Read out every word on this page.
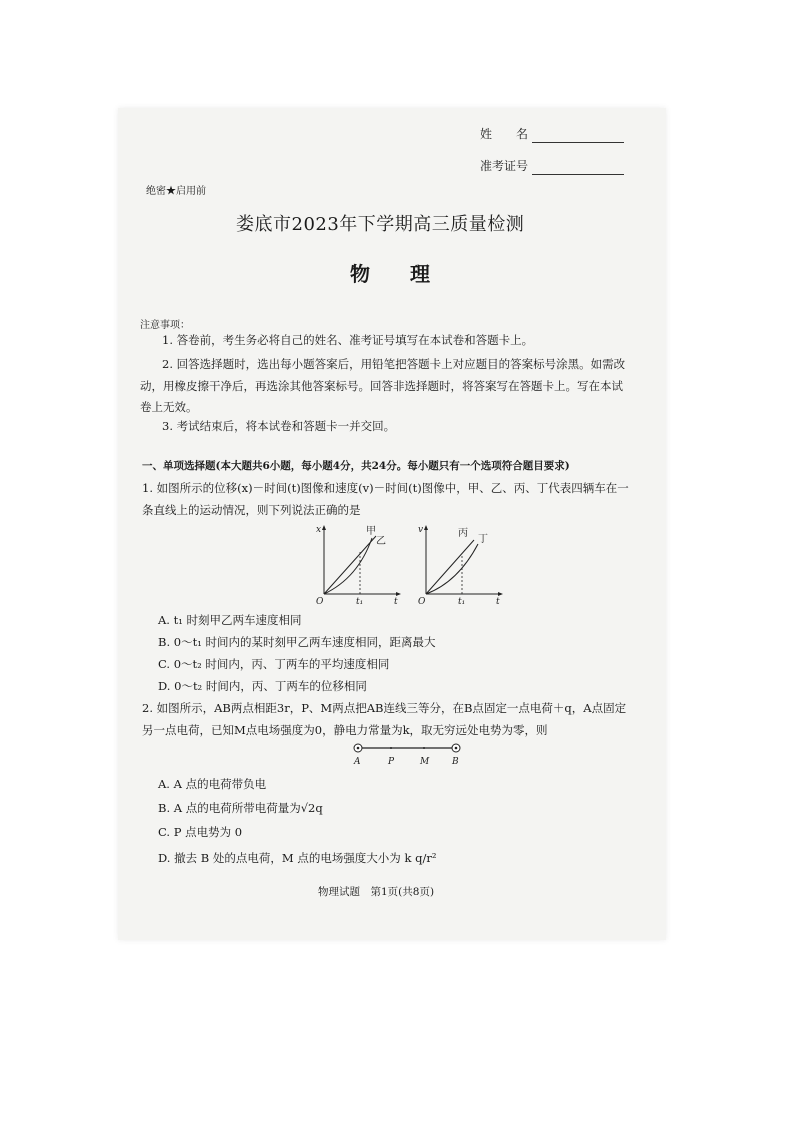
姓　　名
准考证号
绝密★启用前
娄底市2023年下学期高三质量检测
物　　理
注意事项：
1. 答卷前，考生务必将自己的姓名、准考证号填写在本试卷和答题卡上。
2. 回答选择题时，选出每小题答案后，用铅笔把答题卡上对应题目的答案标号涂黑。如需改
动，用橡皮擦干净后，再选涂其他答案标号。回答非选择题时，将答案写在答题卡上。写在本试
卷上无效。
3. 考试结束后，将本试卷和答题卡一并交回。
一、单项选择题(本大题共6小题，每小题4分，共24分。每小题只有一个选项符合题目要求)
1. 如图所示的位移(x)－时间(t)图像和速度(v)－时间(t)图像中，甲、乙、丙、丁代表四辆车在一
条直线上的运动情况，则下列说法正确的是
x
O	t₁	t
甲
乙
v
O	t₁	t
丙
丁
A. t₁ 时刻甲乙两车速度相同
B. 0～t₁ 时间内的某时刻甲乙两车速度相同，距离最大
C. 0～t₂ 时间内，丙、丁两车的平均速度相同
D. 0～t₂ 时间内，丙、丁两车的位移相同
2. 如图所示，AB两点相距3r，P、M两点把AB连线三等分，在B点固定一点电荷＋q，A点固定
另一点电荷，已知M点电场强度为0，静电力常量为k，取无穷远处电势为零，则
A	P	M	B
A. A 点的电荷带负电
B. A 点的电荷所带电荷量为√2q
C. P 点电势为 0
D. 撤去 B 处的点电荷，M 点的电场强度大小为 k q/r²
物理试题　第1页(共8页)
